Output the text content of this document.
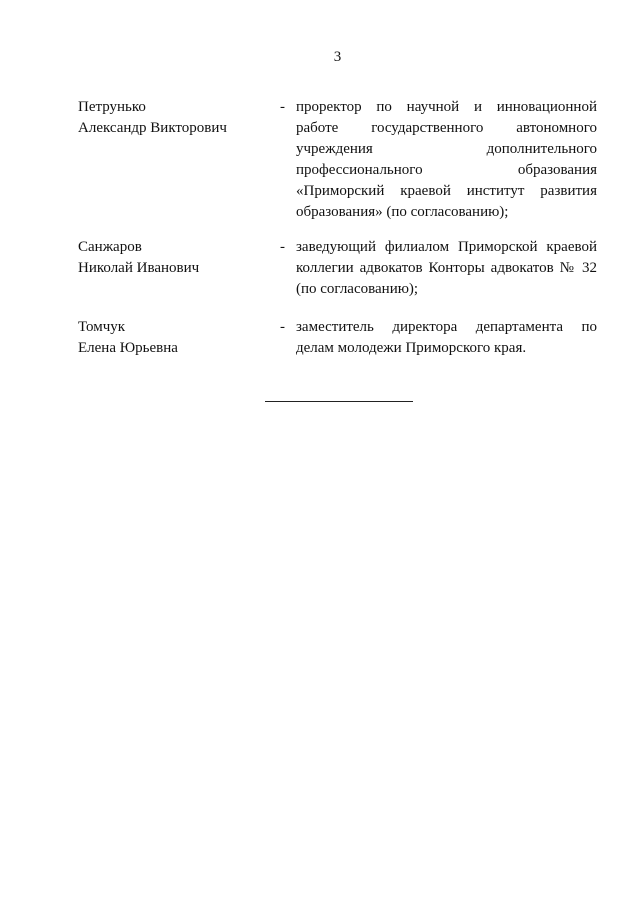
3
Петрунько
Александр Викторович
- проректор по научной и инновационной
работе государственного автономного
учреждения дополнительного
профессионального образования
«Приморский краевой институт развития
образования» (по согласованию);
Санжаров
Николай Иванович
- заведующий филиалом Приморской краевой
коллегии адвокатов Конторы адвокатов № 32
(по согласованию);
Томчук
Елена Юрьевна
- заместитель директора департамента по
делам молодежи Приморского края.
